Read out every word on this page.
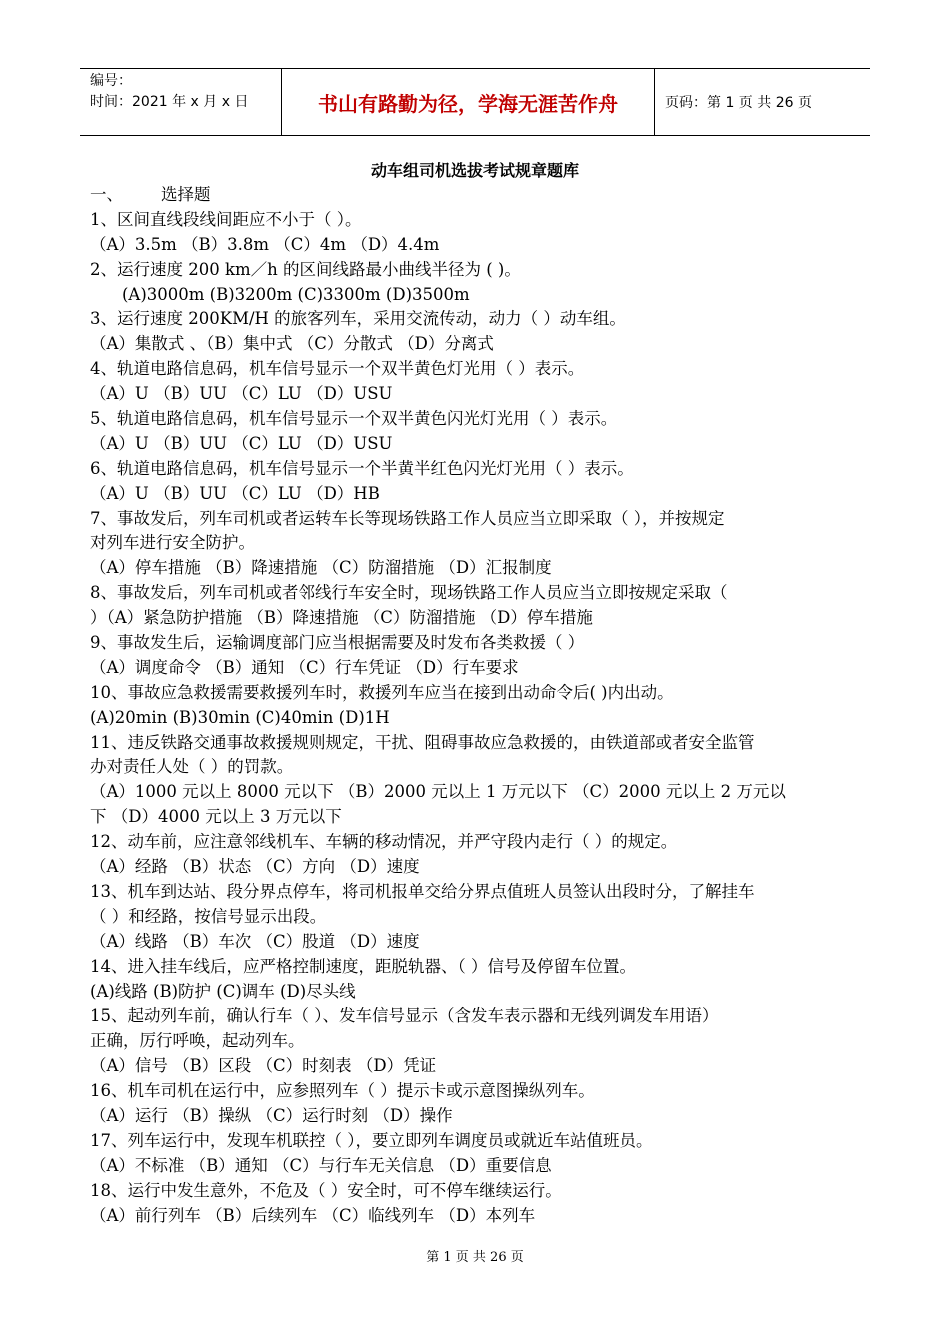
编号：
时间：2021 年 x 月 x 日	书山有路勤为径，学海无涯苦作舟	页码：第 1 页 共 26 页
动车组司机选拔考试规章题库
一、 选择题
1、区间直线段线间距应不小于（ ）。
（A）3.5m （B）3.8m （C）4m （D）4.4m
2、运行速度 200 km／h 的区间线路最小曲线半径为 ( )。
(A)3000m (B)3200m (C)3300m (D)3500m
3、运行速度 200KM/H 的旅客列车，采用交流传动，动力（ ）动车组。
（A）集散式 、（B）集中式 （C）分散式 （D）分离式
4、轨道电路信息码，机车信号显示一个双半黄色灯光用（ ）表示。
（A）U （B）UU （C）LU （D）USU
5、轨道电路信息码，机车信号显示一个双半黄色闪光灯光用（ ）表示。
（A）U （B）UU （C）LU （D）USU
6、轨道电路信息码，机车信号显示一个半黄半红色闪光灯光用（ ）表示。
（A）U （B）UU （C）LU （D）HB
7、事故发后，列车司机或者运转车长等现场铁路工作人员应当立即采取（ ），并按规定
对列车进行安全防护。
（A）停车措施 （B）降速措施 （C）防溜措施 （D）汇报制度
8、事故发后，列车司机或者邻线行车安全时，现场铁路工作人员应当立即按规定采取（
）（A）紧急防护措施 （B）降速措施 （C）防溜措施 （D）停车措施
9、事故发生后，运输调度部门应当根据需要及时发布各类救援（ ）
（A）调度命令 （B）通知 （C）行车凭证 （D）行车要求
10、事故应急救援需要救援列车时，救援列车应当在接到出动命令后( )内出动。
(A)20min (B)30min (C)40min (D)1H
11、违反铁路交通事故救援规则规定，干扰、阻碍事故应急救援的，由铁道部或者安全监管
办对责任人处（ ）的罚款。
（A）1000 元以上 8000 元以下 （B）2000 元以上 1 万元以下 （C）2000 元以上 2 万元以
下 （D）4000 元以上 3 万元以下
12、动车前，应注意邻线机车、车辆的移动情况，并严守段内走行（ ）的规定。
（A）经路 （B）状态 （C）方向 （D）速度
13、机车到达站、段分界点停车，将司机报单交给分界点值班人员签认出段时分，了解挂车
（ ）和经路，按信号显示出段。
（A）线路 （B）车次 （C）股道 （D）速度
14、进入挂车线后，应严格控制速度，距脱轨器、（ ）信号及停留车位置。
(A)线路 (B)防护 (C)调车 (D)尽头线
15、起动列车前，确认行车（ ）、发车信号显示（含发车表示器和无线列调发车用语）
正确，厉行呼唤，起动列车。
（A）信号 （B）区段 （C）时刻表 （D）凭证
16、机车司机在运行中，应参照列车（ ）提示卡或示意图操纵列车。
（A）运行 （B）操纵 （C）运行时刻 （D）操作
17、列车运行中，发现车机联控（ ），要立即列车调度员或就近车站值班员。
（A）不标准 （B）通知 （C）与行车无关信息 （D）重要信息
18、运行中发生意外，不危及（ ）安全时，可不停车继续运行。
（A）前行列车 （B）后续列车 （C）临线列车 （D）本列车
第 1 页 共 26 页
